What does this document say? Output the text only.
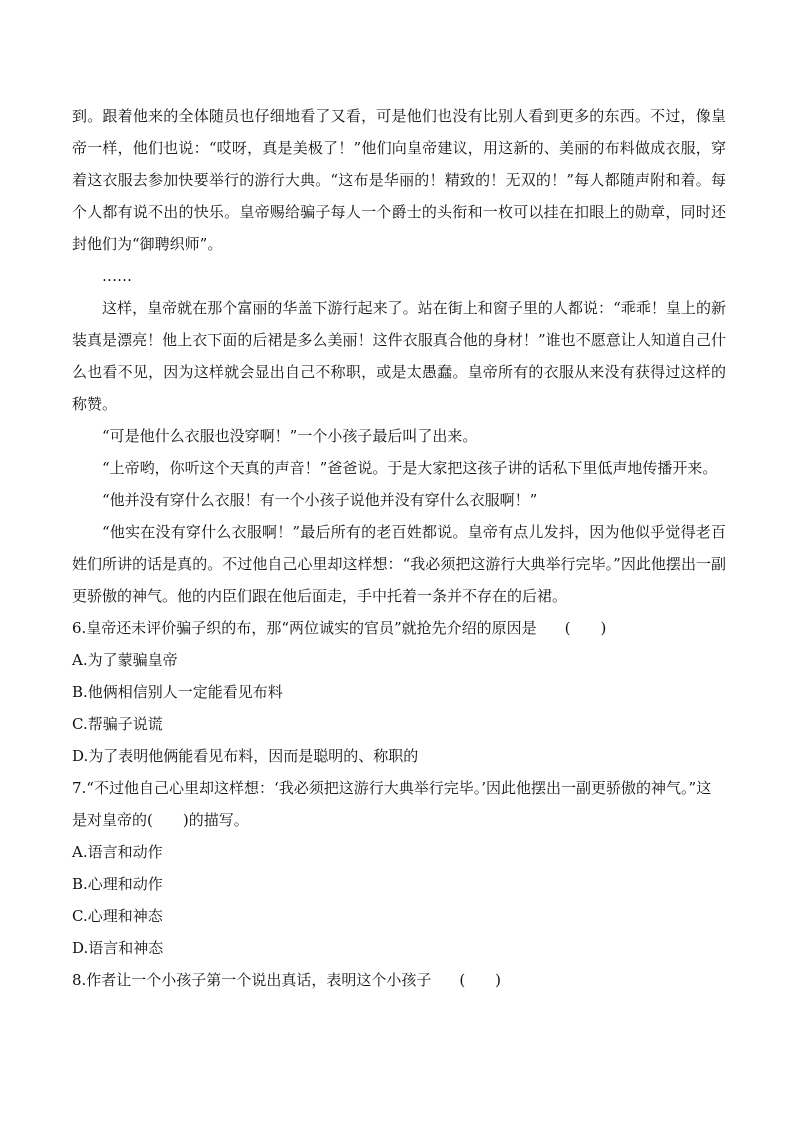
到。跟着他来的全体随员也仔细地看了又看，可是他们也没有比别人看到更多的东西。不过，像皇帝一样，他们也说：“哎呀，真是美极了！”他们向皇帝建议，用这新的、美丽的布料做成衣服，穿着这衣服去参加快要举行的游行大典。“这布是华丽的！精致的！无双的！”每人都随声附和着。每个人都有说不出的快乐。皇帝赐给骗子每人一个爵士的头衔和一枚可以挂在扣眼上的勋章，同时还封他们为“御聘织师”。

……

这样，皇帝就在那个富丽的华盖下游行起来了。站在街上和窗子里的人都说：“乖乖！皇上的新装真是漂亮！他上衣下面的后裙是多么美丽！这件衣服真合他的身材！”谁也不愿意让人知道自己什么也看不见，因为这样就会显出自己不称职，或是太愚蠢。皇帝所有的衣服从来没有获得过这样的称赞。

“可是他什么衣服也没穿啊！”一个小孩子最后叫了出来。

“上帝哟，你听这个天真的声音！”爸爸说。于是大家把这孩子讲的话私下里低声地传播开来。

“他并没有穿什么衣服！有一个小孩子说他并没有穿什么衣服啊！”

“他实在没有穿什么衣服啊！”最后所有的老百姓都说。皇帝有点儿发抖，因为他似乎觉得老百姓们所讲的话是真的。不过他自己心里却这样想：“我必须把这游行大典举行完毕。”因此他摆出一副更骄傲的神气。他的内臣们跟在他后面走，手中托着一条并不存在的后裙。

6.皇帝还未评价骗子织的布，那“两位诚实的官员”就抢先介绍的原因是 (　　)

A.为了蒙骗皇帝

B.他俩相信别人一定能看见布料

C.帮骗子说谎

D.为了表明他俩能看见布料，因而是聪明的、称职的

7.“不过他自己心里却这样想：‘我必须把这游行大典举行完毕。’因此他摆出一副更骄傲的神气。”这是对皇帝的(　　)的描写。

A.语言和动作

B.心理和动作

C.心理和神态

D.语言和神态

8.作者让一个小孩子第一个说出真话，表明这个小孩子 (　　)
